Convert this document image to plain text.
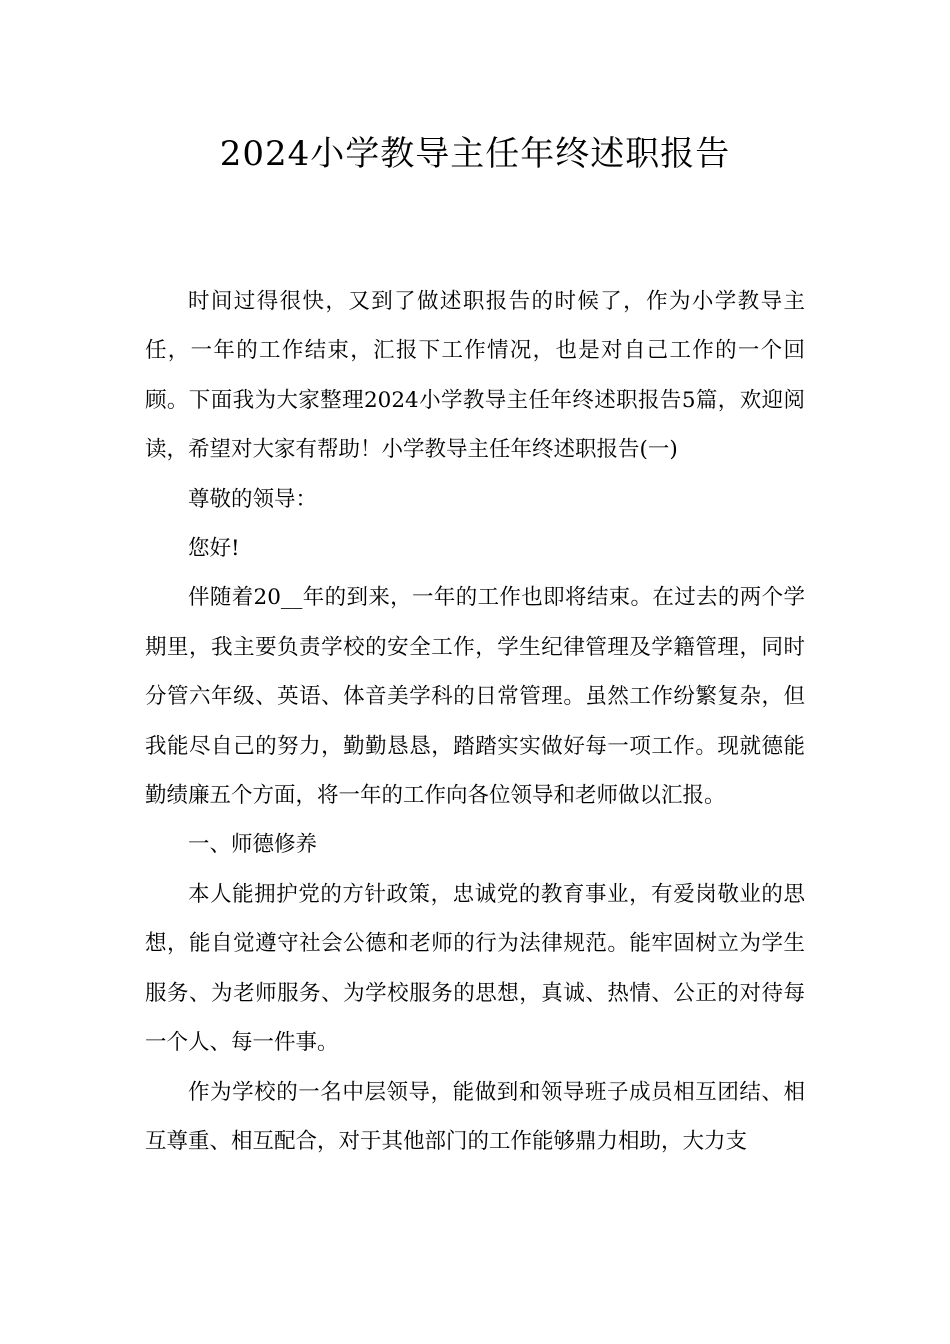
2024小学教导主任年终述职报告

时间过得很快，又到了做述职报告的时候了，作为小学教导主任，一年的工作结束，汇报下工作情况，也是对自己工作的一个回顾。下面我为大家整理2024小学教导主任年终述职报告5篇，欢迎阅读，希望对大家有帮助！小学教导主任年终述职报告(一)

尊敬的领导：

您好!

伴随着20__年的到来，一年的工作也即将结束。在过去的两个学期里，我主要负责学校的安全工作，学生纪律管理及学籍管理，同时分管六年级、英语、体音美学科的日常管理。虽然工作纷繁复杂，但我能尽自己的努力，勤勤恳恳，踏踏实实做好每一项工作。现就德能勤绩廉五个方面，将一年的工作向各位领导和老师做以汇报。

一、师德修养

本人能拥护党的方针政策，忠诚党的教育事业，有爱岗敬业的思想，能自觉遵守社会公德和老师的行为法律规范。能牢固树立为学生服务、为老师服务、为学校服务的思想，真诚、热情、公正的对待每一个人、每一件事。

作为学校的一名中层领导，能做到和领导班子成员相互团结、相互尊重、相互配合，对于其他部门的工作能够鼎力相助，大力支
